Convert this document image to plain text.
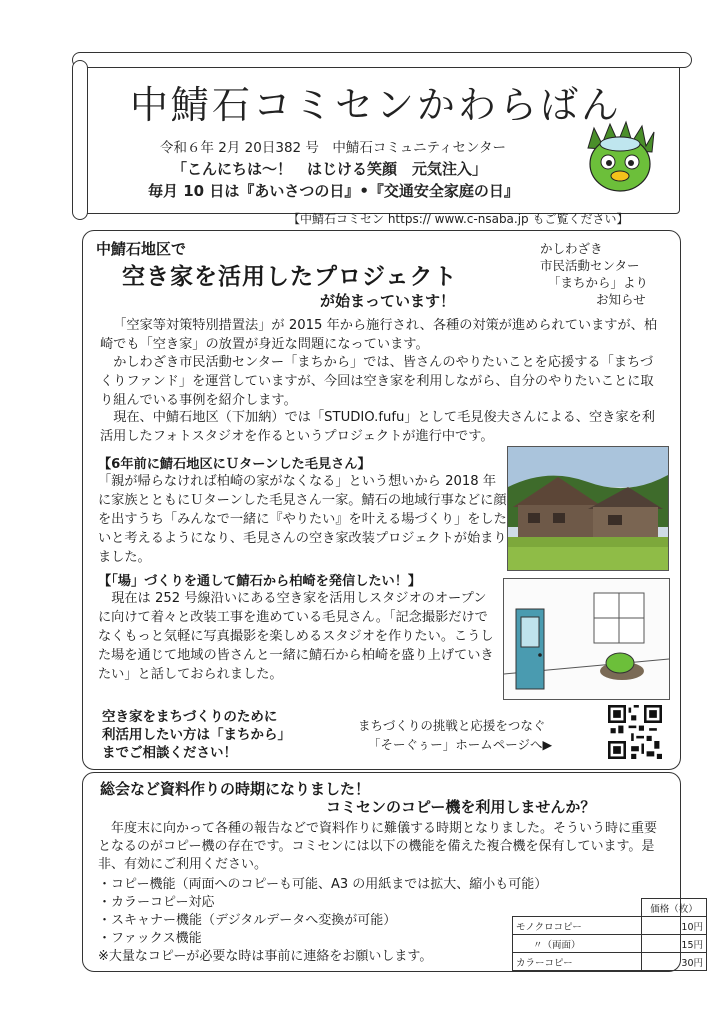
中鯖石コミセンかわらばん
令和６年 2月 20日382 号　中鯖石コミュニティセンター
「こんにちは～！　はじける笑顔　元気注入」
毎月 10 日は『あいさつの日』•『交通安全家庭の日』
【中鯖石コミセン https:// www.c-nsaba.jp もご覧ください】
中鯖石地区で
空き家を活用したプロジェクト
が始まっています！
かしわざき
市民活動センター
「まちから」より
お知らせ
「空家等対策特別措置法」が 2015 年から施行され、各種の対策が進められていますが、柏崎でも「空き家」の放置が身近な問題になっています。
かしわざき市民活動センター「まちから」では、皆さんのやりたいことを応援する「まちづくりファンド」を運営していますが、今回は空き家を利用しながら、自分のやりたいことに取り組んでいる事例を紹介します。
現在、中鯖石地区（下加納）では「STUDIO.fufu」として毛見俊夫さんによる、空き家を利活用したフォトスタジオを作るというプロジェクトが進行中です。
【6年前に鯖石地区にＵターンした毛見さん】
「親が帰らなければ柏崎の家がなくなる」という想いから 2018 年に家族とともにＵターンした毛見さん一家。鯖石の地域行事などに顔を出すうち「みんなで一緒に『やりたい』を叶える場づくり」をしたいと考えるようになり、毛見さんの空き家改装プロジェクトが始まりました。
【「場」づくりを通して鯖石から柏崎を発信したい！】
現在は 252 号線沿いにある空き家を活用しスタジオのオープンに向けて着々と改装工事を進めている毛見さん。「記念撮影だけでなくもっと気軽に写真撮影を楽しめるスタジオを作りたい。こうした場を通じて地域の皆さんと一緒に鯖石から柏崎を盛り上げていきたい」と話しておられました。
空き家をまちづくりのために
利活用したい方は「まちから」
までご相談ください！
まちづくりの挑戦と応援をつなぐ
「そーぐぅー」ホームページへ▶
総会など資料作りの時期になりました！
コミセンのコピー機を利用しませんか？
年度末に向かって各種の報告などで資料作りに難儀する時期となりました。そういう時に重要となるのがコピー機の存在です。コミセンには以下の機能を備えた複合機を保有しています。是非、有効にご利用ください。
・コピー機能（両面へのコピーも可能、A3 の用紙までは拡大、縮小も可能）
・カラーコピー対応
・スキャナー機能（デジタルデータへ変換が可能）
・ファックス機能
※大量なコピーが必要な時は事前に連絡をお願いします。
	価格（枚）
モノクロコピー	10円
〃（両面）	15円
カラーコピー	30円
